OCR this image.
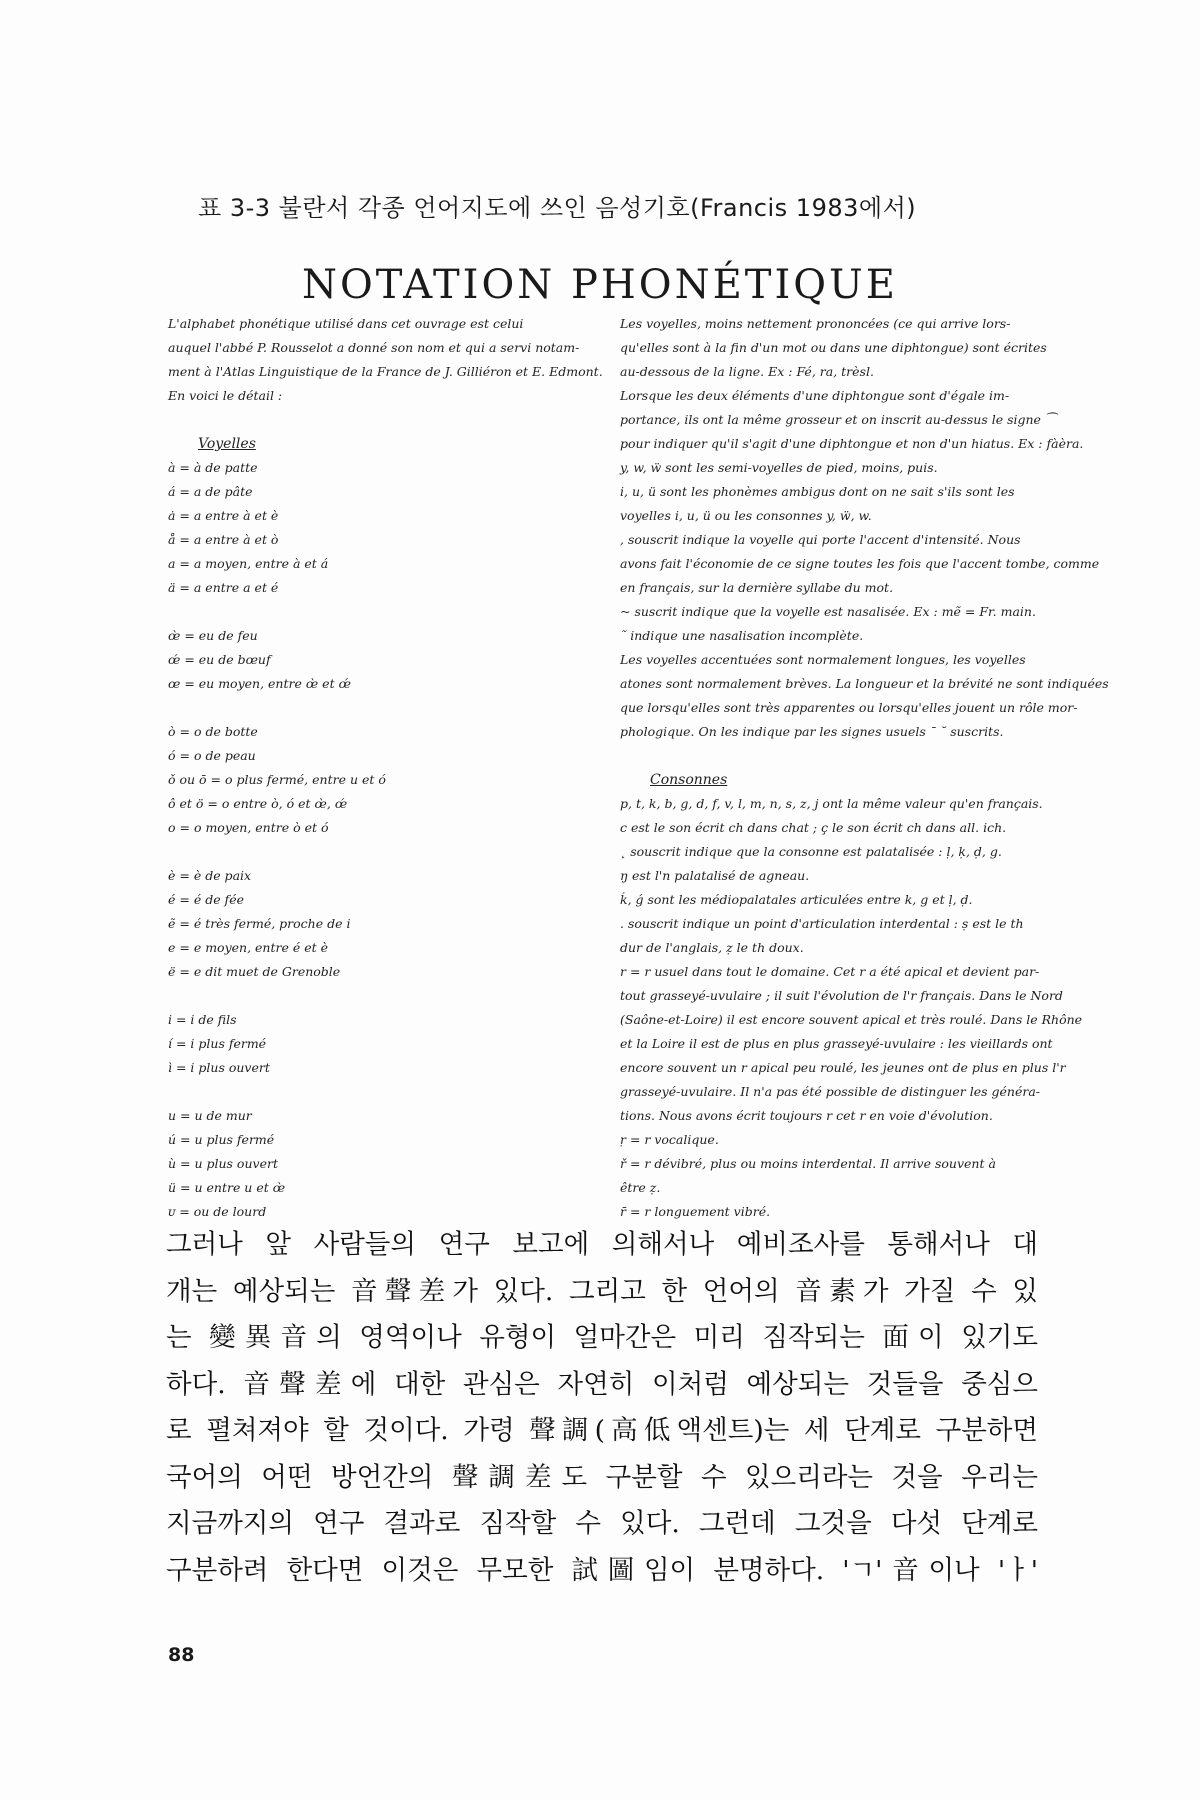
표 3-3 불란서 각종 언어지도에 쓰인 음성기호(Francis 1983에서)
NOTATION PHONÉTIQUE
L'alphabet phonétique utilisé dans cet ouvrage est celui
auquel l'abbé P. Rousselot a donné son nom et qui a servi notam-
ment à l'Atlas Linguistique de la France de J. Gilliéron et E. Edmont.
En voici le détail :
Voyelles
à = à de patte
á = a de pâte
ȧ = a entre à et è
å = a entre à et ò
a = a moyen, entre à et á
ä = a entre a et é
œ̀ = eu de feu
œ́ = eu de bœuf
œ = eu moyen, entre œ̀ et œ́
ò = o de botte
ó = o de peau
ǒ ou ō = o plus fermé, entre u et ó
ô et ö = o entre ò, ó et œ̀, œ́
o = o moyen, entre ò et ó
è = è de paix
é = é de fée
ẽ = é très fermé, proche de i
e = e moyen, entre é et è
ë = e dit muet de Grenoble
i = i de fils
í = i plus fermé
ì = i plus ouvert
u = u de mur
ú = u plus fermé
ù = u plus ouvert
ü = u entre u et œ̀
ᴜ = ou de lourd
Les voyelles, moins nettement prononcées (ce qui arrive lors-
qu'elles sont à la fin d'un mot ou dans une diphtongue) sont écrites
au-dessous de la ligne. Ex : Fé, ra, trèsl.
Lorsque les deux éléments d'une diphtongue sont d'égale im-
portance, ils ont la même grosseur et on inscrit au-dessus le signe ⁀
pour indiquer qu'il s'agit d'une diphtongue et non d'un hiatus. Ex : fàèra.
y, w, ẅ sont les semi-voyelles de pied, moins, puis.
i, u, ü sont les phonèmes ambigus dont on ne sait s'ils sont les
voyelles i, u, ü ou les consonnes y, ẅ, w.
, souscrit indique la voyelle qui porte l'accent d'intensité. Nous
avons fait l'économie de ce signe toutes les fois que l'accent tombe, comme
en français, sur la dernière syllabe du mot.
~ suscrit indique que la voyelle est nasalisée. Ex : mẽ = Fr. main.
˜ indique une nasalisation incomplète.
Les voyelles accentuées sont normalement longues, les voyelles
atones sont normalement brèves. La longueur et la brévité ne sont indiquées
que lorsqu'elles sont très apparentes ou lorsqu'elles jouent un rôle mor-
phologique. On les indique par les signes usuels ¯ ˘ suscrits.
Consonnes
p, t, k, b, g, d, f, v, l, m, n, s, z, j ont la même valeur qu'en français.
c est le son écrit ch dans chat ; ç le son écrit ch dans all. ich.
˛ souscrit indique que la consonne est palatalisée : ḷ, ḳ, ḍ, g.
ŋ est l'n palatalisé de agneau.
ḱ, ǵ sont les médiopalatales articulées entre k, g et ḷ, ḍ.
. souscrit indique un point d'articulation interdental : ṣ est le th
dur de l'anglais, ẓ le th doux.
r = r usuel dans tout le domaine. Cet r a été apical et devient par-
tout grasseyé-uvulaire ; il suit l'évolution de l'r français. Dans le Nord
(Saône-et-Loire) il est encore souvent apical et très roulé. Dans le Rhône
et la Loire il est de plus en plus grasseyé-uvulaire : les vieillards ont
encore souvent un r apical peu roulé, les jeunes ont de plus en plus l'r
grasseyé-uvulaire. Il n'a pas été possible de distinguer les généra-
tions. Nous avons écrit toujours r cet r en voie d'évolution.
ṛ = r vocalique.
ř = r dévibré, plus ou moins interdental. Il arrive souvent à
être ẓ.
r̄ = r longuement vibré.
그러나 앞 사람들의 연구 보고에 의해서나 예비조사를 통해서나 대
개는 예상되는 音聲差가 있다. 그리고 한 언어의 音素가 가질 수 있
는 變異音의 영역이나 유형이 얼마간은 미리 짐작되는 面이 있기도
하다. 音聲差에 대한 관심은 자연히 이처럼 예상되는 것들을 중심으
로 펼쳐져야 할 것이다. 가령 聲調(高低액센트)는 세 단계로 구분하면
국어의 어떤 방언간의 聲調差도 구분할 수 있으리라는 것을 우리는
지금까지의 연구 결과로 짐작할 수 있다. 그런데 그것을 다섯 단계로
구분하려 한다면 이것은 무모한 試圖임이 분명하다. 'ㄱ'音이나 'ㅏ'
88
